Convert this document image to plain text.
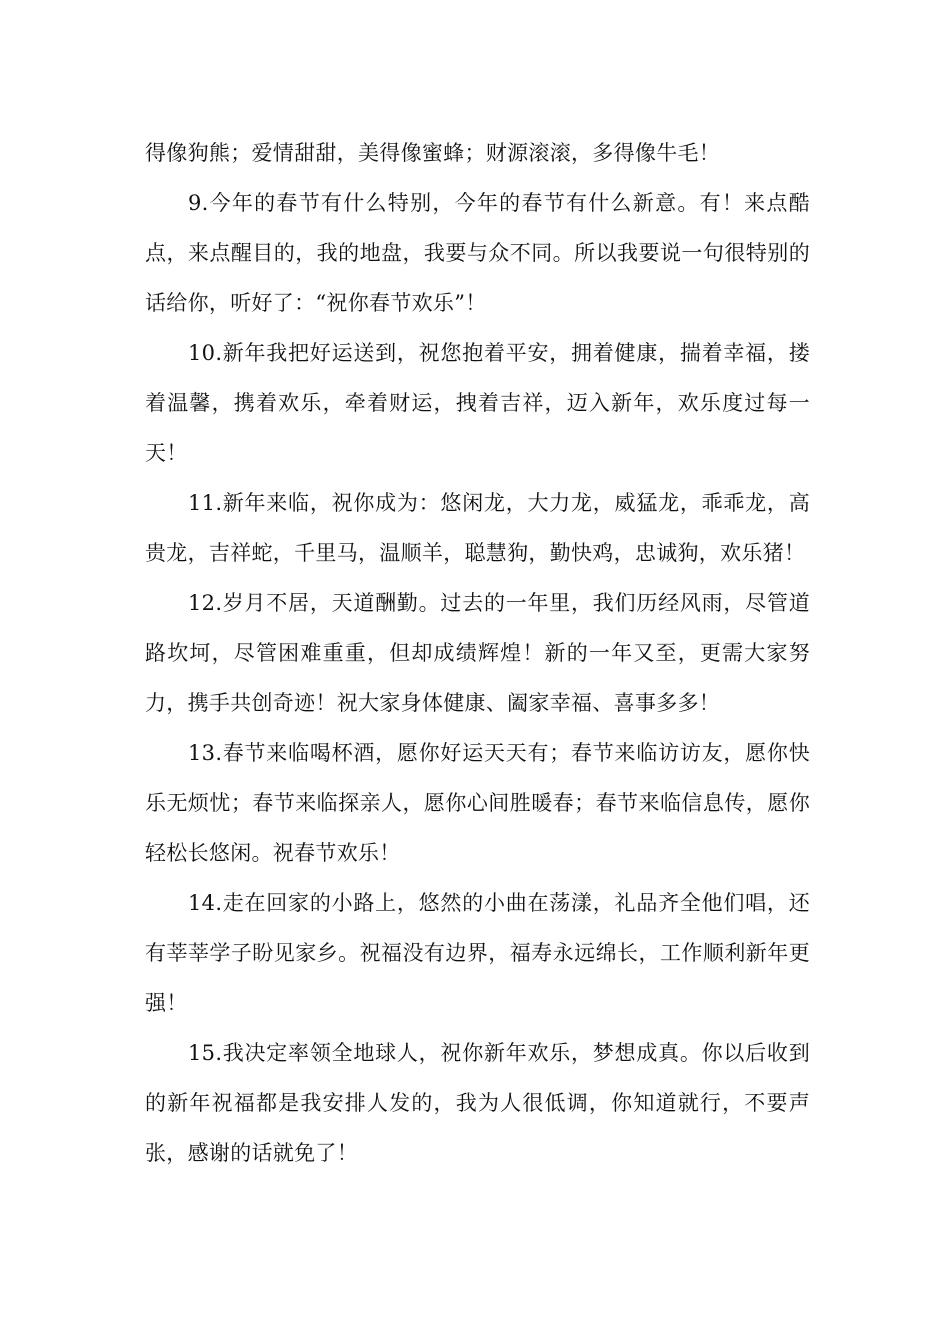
得像狗熊；爱情甜甜，美得像蜜蜂；财源滚滚，多得像牛毛！

9.今年的春节有什么特别，今年的春节有什么新意。有！来点酷点，来点醒目的，我的地盘，我要与众不同。所以我要说一句很特别的话给你，听好了：“祝你春节欢乐”！

10.新年我把好运送到，祝您抱着平安，拥着健康，揣着幸福，搂着温馨，携着欢乐，牵着财运，拽着吉祥，迈入新年，欢乐度过每一天！

11.新年来临，祝你成为：悠闲龙，大力龙，威猛龙，乖乖龙，高贵龙，吉祥蛇，千里马，温顺羊，聪慧狗，勤快鸡，忠诚狗，欢乐猪！

12.岁月不居，天道酬勤。过去的一年里，我们历经风雨，尽管道路坎坷，尽管困难重重，但却成绩辉煌！新的一年又至，更需大家努力，携手共创奇迹！祝大家身体健康、阖家幸福、喜事多多！

13.春节来临喝杯酒，愿你好运天天有；春节来临访访友，愿你快乐无烦忧；春节来临探亲人，愿你心间胜暖春；春节来临信息传，愿你轻松长悠闲。祝春节欢乐！

14.走在回家的小路上，悠然的小曲在荡漾，礼品齐全他们唱，还有莘莘学子盼见家乡。祝福没有边界，福寿永远绵长，工作顺利新年更强！

15.我决定率领全地球人，祝你新年欢乐，梦想成真。你以后收到的新年祝福都是我安排人发的，我为人很低调，你知道就行，不要声张，感谢的话就免了！
